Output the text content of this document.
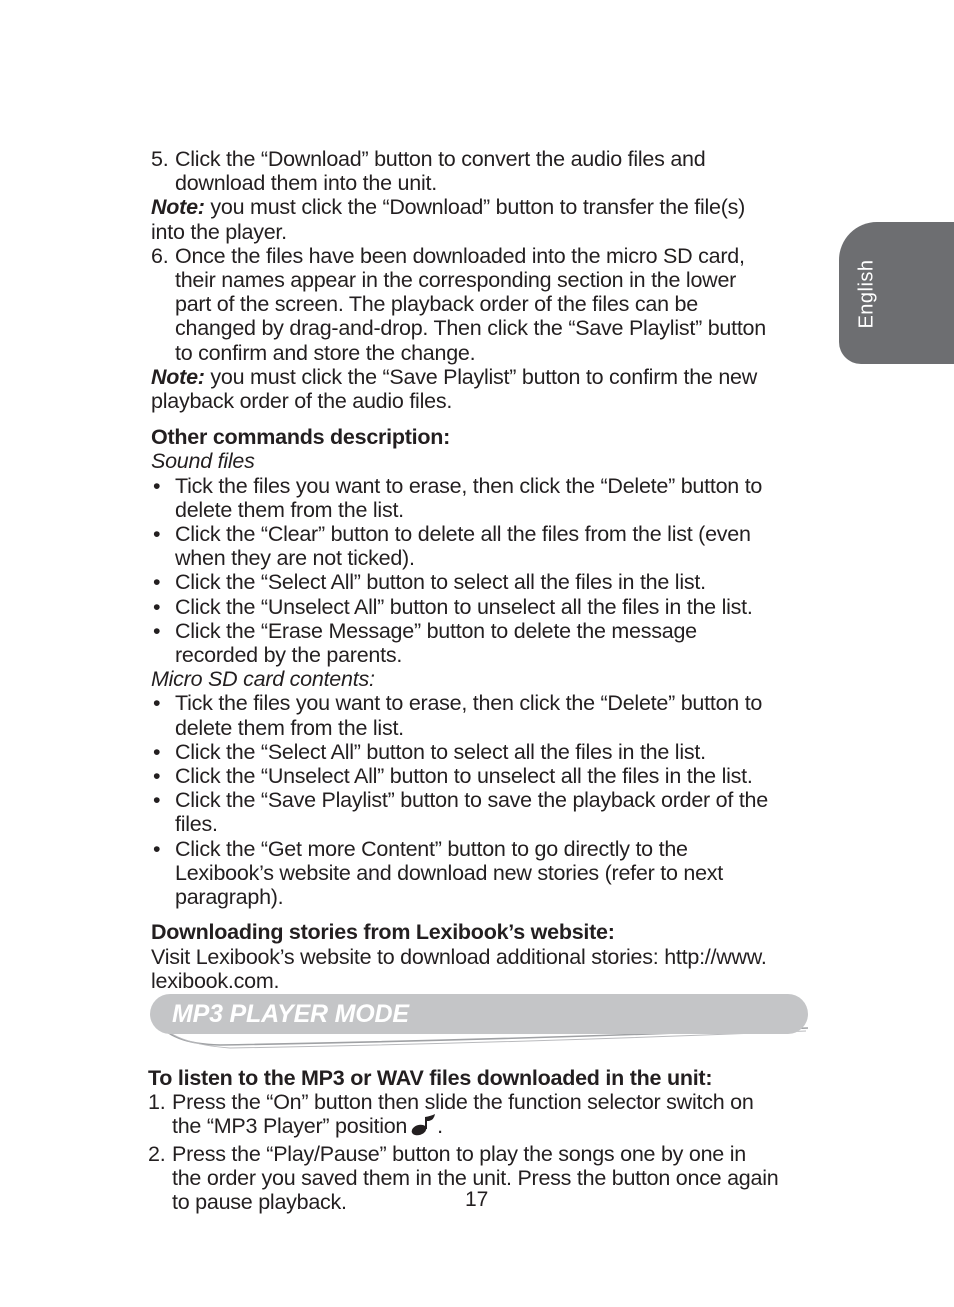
English
5. Click the “Download” button to convert the audio files and
download them into the unit.
Note: you must click the “Download” button to transfer the file(s)
into the player.
6. Once the files have been downloaded into the micro SD card,
their names appear in the corresponding section in the lower
part of the screen. The playback order of the files can be
changed by drag-and-drop. Then click the “Save Playlist” button
to confirm and store the change.
Note: you must click the “Save Playlist” button to confirm the new
playback order of the audio files.
Other commands description:
Sound files
• Tick the files you want to erase, then click the “Delete” button to
delete them from the list.
• Click the “Clear” button to delete all the files from the list (even
when they are not ticked).
• Click the “Select All” button to select all the files in the list.
• Click the “Unselect All” button to unselect all the files in the list.
• Click the “Erase Message” button to delete the message
recorded by the parents.
Micro SD card contents:
• Tick the files you want to erase, then click the “Delete” button to
delete them from the list.
• Click the “Select All” button to select all the files in the list.
• Click the “Unselect All” button to unselect all the files in the list.
• Click the “Save Playlist” button to save the playback order of the
files.
• Click the “Get more Content” button to go directly to the
Lexibook’s website and download new stories (refer to next
paragraph).
Downloading stories from Lexibook’s website:
Visit Lexibook’s website to download additional stories: http://www.
lexibook.com.
MP3 PLAYER MODE
To listen to the MP3 or WAV files downloaded in the unit:
1. Press the “On” button then slide the function selector switch on
the “MP3 Player” position .
2. Press the “Play/Pause” button to play the songs one by one in
the order you saved them in the unit. Press the button once again
to pause playback.	17
